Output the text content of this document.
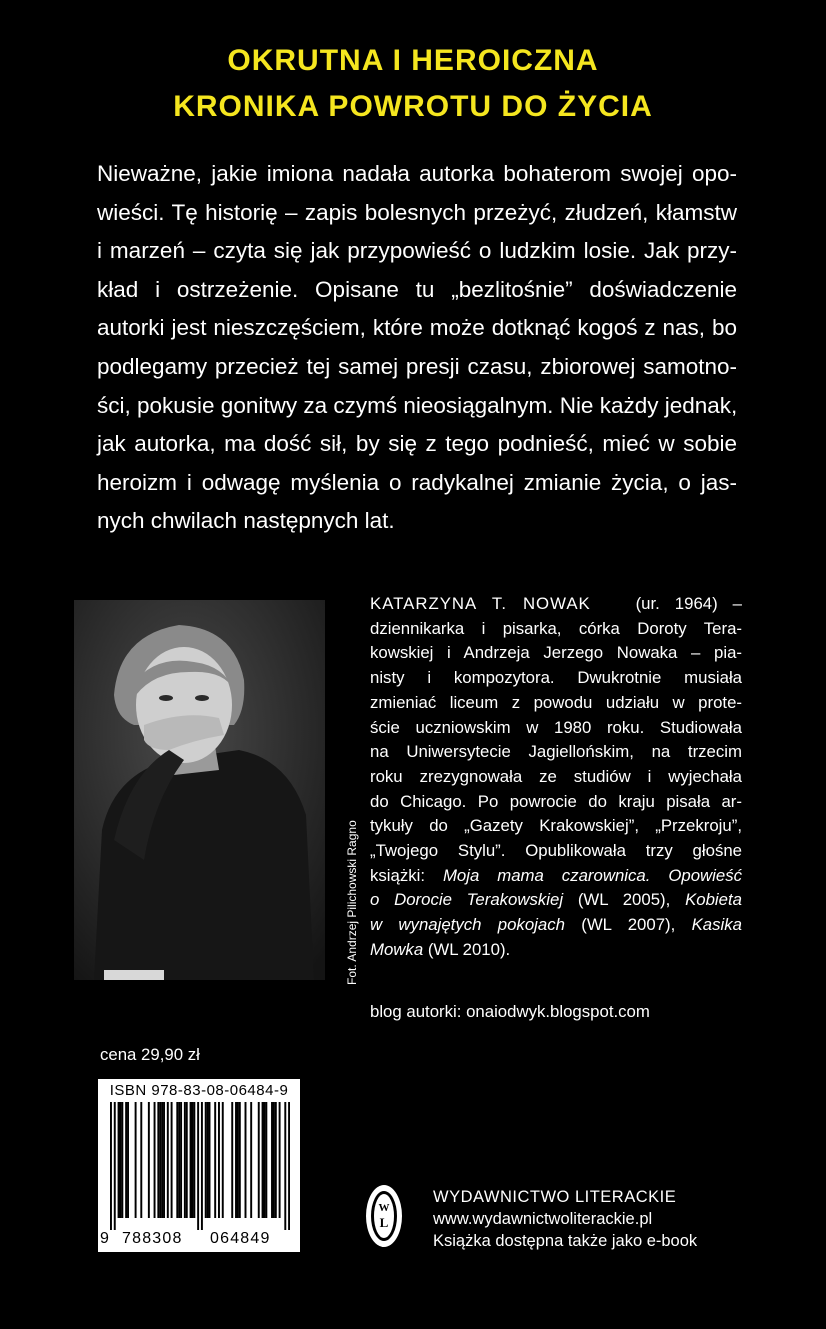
OKRUTNA I HEROICZNA
KRONIKA POWROTU DO ŻYCIA
Nieważne, jakie imiona nadała autorka bohaterom swojej opo-
wieści. Tę historię – zapis bolesnych przeżyć, złudzeń, kłamstw
i marzeń – czyta się jak przypowieść o ludzkim losie. Jak przy-
kład i ostrzeżenie. Opisane tu „bezlitośnie” doświadczenie
autorki jest nieszczęściem, które może dotknąć kogoś z nas, bo
podlegamy przecież tej samej presji czasu, zbiorowej samotno-
ści, pokusie gonitwy za czymś nieosiągalnym. Nie każdy jednak,
jak autorka, ma dość sił, by się z tego podnieść, mieć w sobie
heroizm i odwagę myślenia o radykalnej zmianie życia, o jas-
nych chwilach następnych lat.
Fot. Andrzej Pilichowski Ragno
KATARZYNA T. NOWAK	(ur. 1964) –
dziennikarka i pisarka, córka Doroty Tera-
kowskiej i Andrzeja Jerzego Nowaka – pia-
nisty i kompozytora. Dwukrotnie musiała
zmieniać liceum z powodu udziału w prote-
ście uczniowskim w 1980 roku. Studiowała
na Uniwersytecie Jagiellońskim, na trzecim
roku zrezygnowała ze studiów i wyjechała
do Chicago. Po powrocie do kraju pisała ar-
tykuły do „Gazety Krakowskiej”, „Przekroju”,
„Twojego Stylu”. Opublikowała trzy głośne
książki: Moja mama czarownica. Opowieść
o Dorocie Terakowskiej (WL 2005), Kobieta
w wynajętych pokojach (WL 2007), Kasika
Mowka (WL 2010).
blog autorki: onaiodwyk.blogspot.com
cena 29,90 zł
ISBN 978-83-08-06484-9
9 788308 064849
W
L
WYDAWNICTWO LITERACKIE
www.wydawnictwoliterackie.pl
Książka dostępna także jako e-book
